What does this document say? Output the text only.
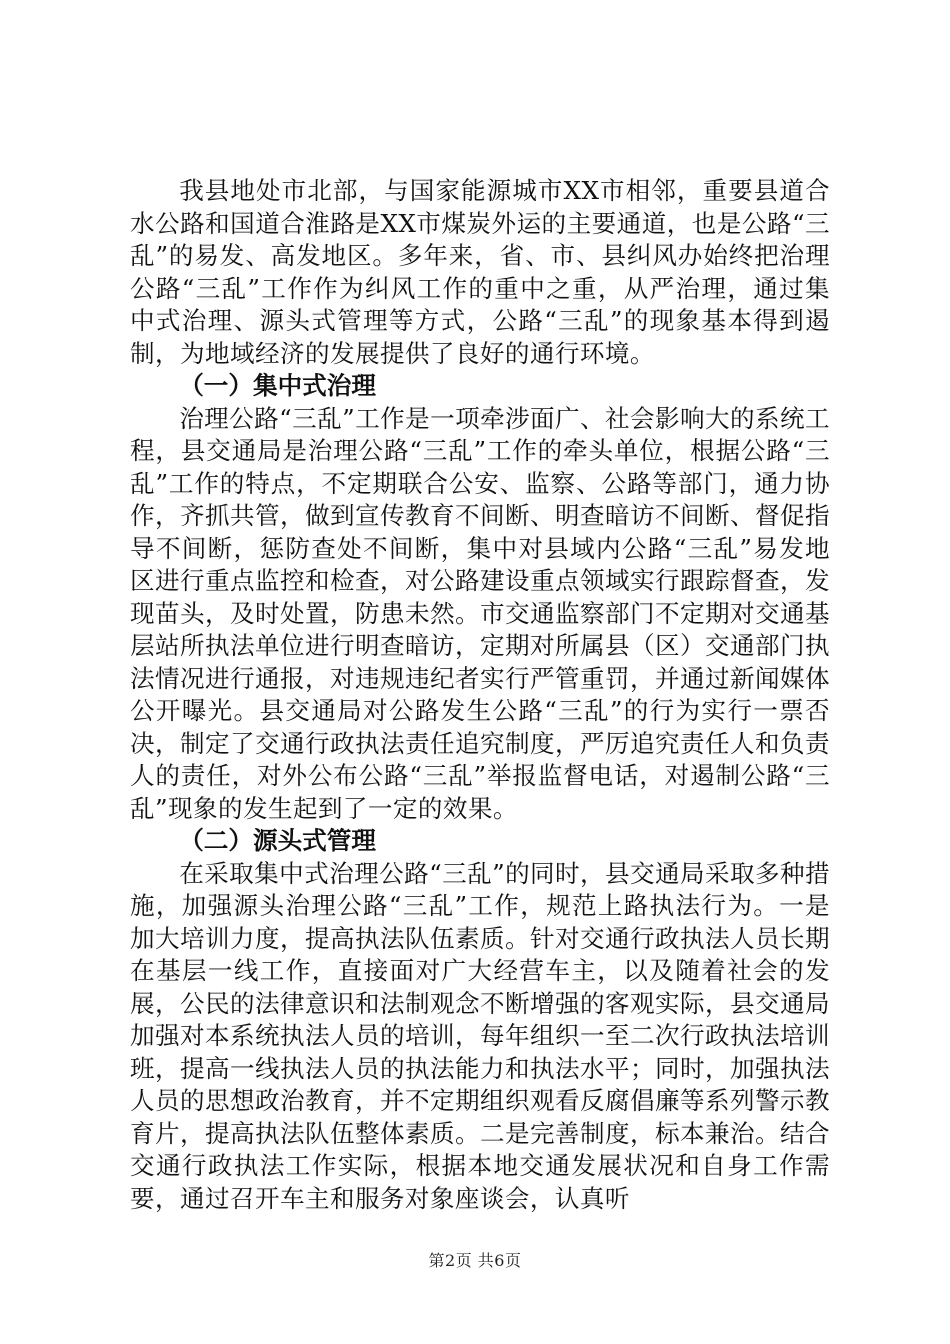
我县地处市北部，与国家能源城市XX市相邻，重要县道合水公路和国道合淮路是XX市煤炭外运的主要通道，也是公路“三乱”的易发、高发地区。多年来，省、市、县纠风办始终把治理公路“三乱”工作作为纠风工作的重中之重，从严治理，通过集中式治理、源头式管理等方式，公路“三乱”的现象基本得到遏制，为地域经济的发展提供了良好的通行环境。

（一）集中式治理

治理公路“三乱”工作是一项牵涉面广、社会影响大的系统工程，县交通局是治理公路“三乱”工作的牵头单位，根据公路“三乱”工作的特点，不定期联合公安、监察、公路等部门，通力协作，齐抓共管，做到宣传教育不间断、明查暗访不间断、督促指导不间断，惩防查处不间断，集中对县域内公路“三乱”易发地区进行重点监控和检查，对公路建设重点领域实行跟踪督查，发现苗头，及时处置，防患未然。市交通监察部门不定期对交通基层站所执法单位进行明查暗访，定期对所属县（区）交通部门执法情况进行通报，对违规违纪者实行严管重罚，并通过新闻媒体公开曝光。县交通局对公路发生公路“三乱”的行为实行一票否决，制定了交通行政执法责任追究制度，严厉追究责任人和负责人的责任，对外公布公路“三乱”举报监督电话，对遏制公路“三乱”现象的发生起到了一定的效果。

（二）源头式管理

在采取集中式治理公路“三乱”的同时，县交通局采取多种措施，加强源头治理公路“三乱”工作，规范上路执法行为。一是加大培训力度，提高执法队伍素质。针对交通行政执法人员长期在基层一线工作，直接面对广大经营车主，以及随着社会的发展，公民的法律意识和法制观念不断增强的客观实际，县交通局加强对本系统执法人员的培训，每年组织一至二次行政执法培训班，提高一线执法人员的执法能力和执法水平；同时，加强执法人员的思想政治教育，并不定期组织观看反腐倡廉等系列警示教育片，提高执法队伍整体素质。二是完善制度，标本兼治。结合交通行政执法工作实际，根据本地交通发展状况和自身工作需要，通过召开车主和服务对象座谈会，认真听

第2页 共6页
